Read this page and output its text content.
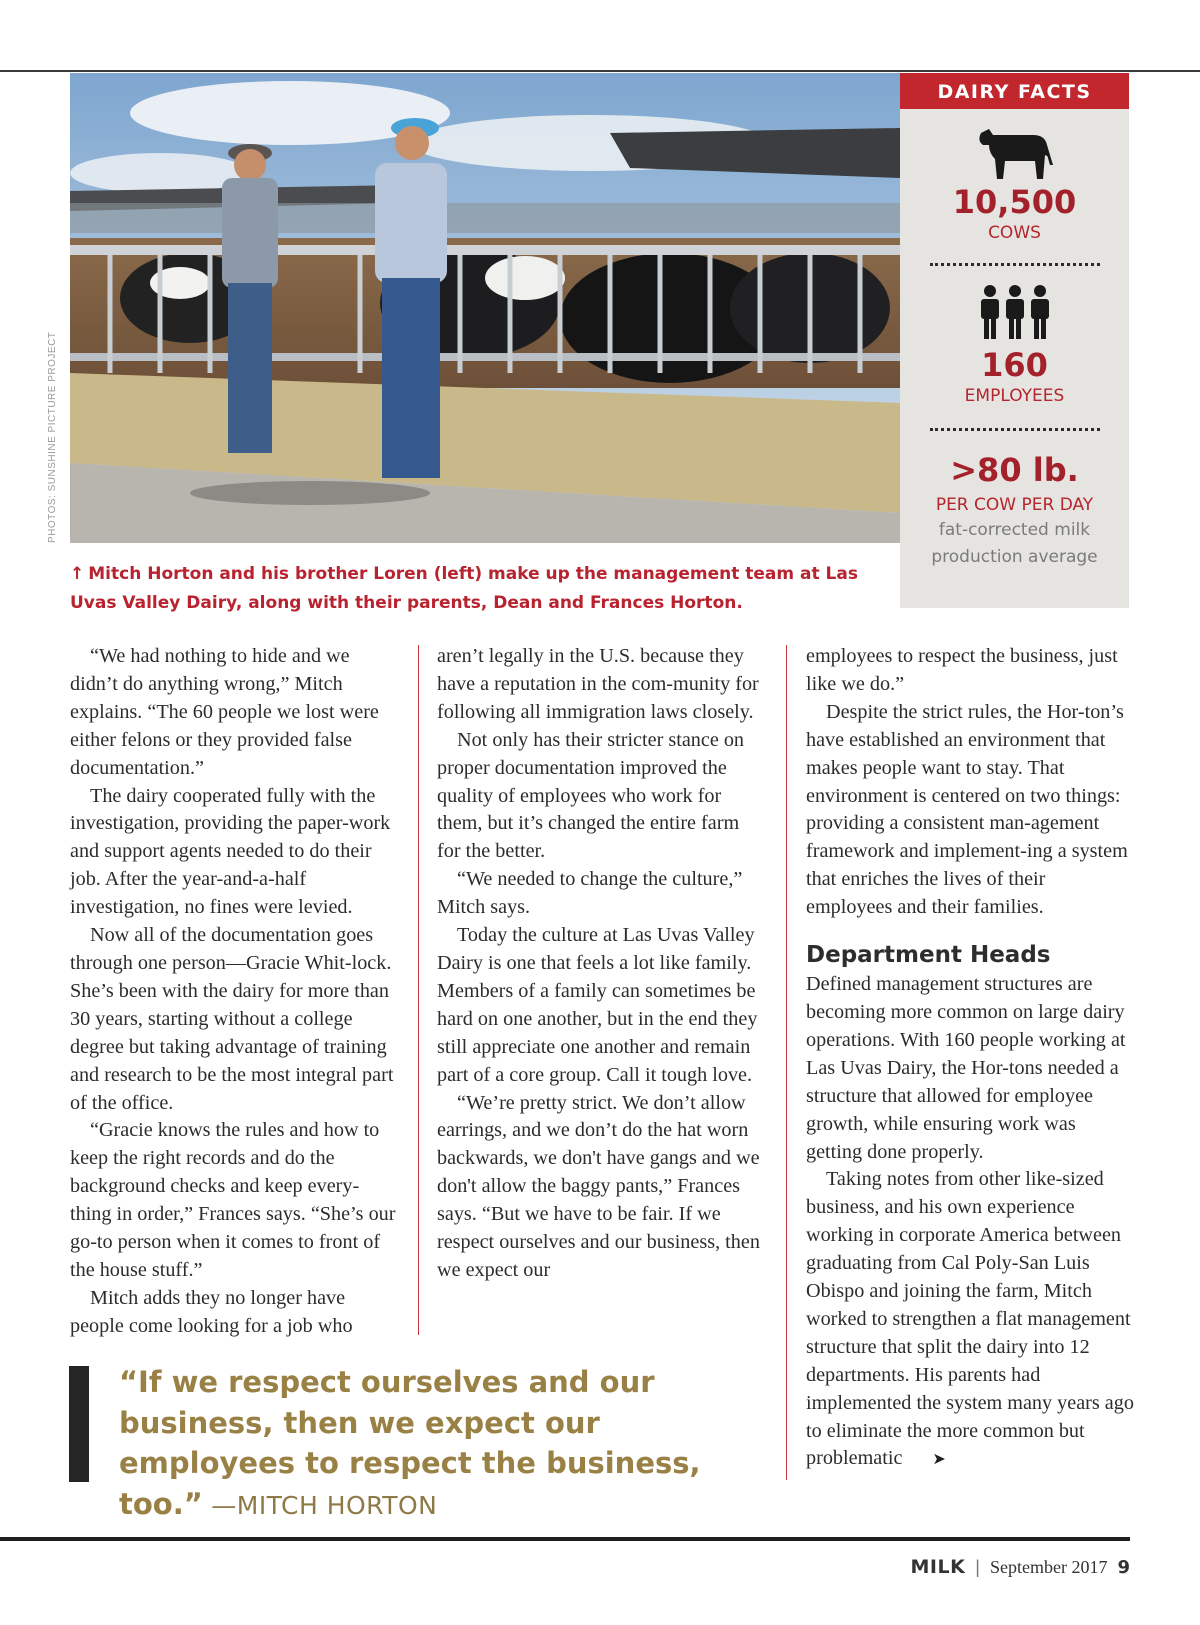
PHOTOS: SUNSHINE PICTURE PROJECT
↑ Mitch Horton and his brother Loren (left) make up the management team at Las Uvas Valley Dairy, along with their parents, Dean and Frances Horton.
DAIRY FACTS
10,500
COWS
160
EMPLOYEES
>80 lb.
PER COW PER DAY
fat-corrected milk
production average

“We had nothing to hide and we didn’t do anything wrong,” Mitch explains. “The 60 people we lost were either felons or they provided false documentation.”

The dairy cooperated fully with the investigation, providing the paper-work and support agents needed to do their job. After the year-and-a-half investigation, no fines were levied.

Now all of the documentation goes through one person—Gracie Whit-lock. She’s been with the dairy for more than 30 years, starting without a college degree but taking advantage of training and research to be the most integral part of the office.

“Gracie knows the rules and how to keep the right records and do the background checks and keep every-thing in order,” Frances says. “She’s our go-to person when it comes to front of the house stuff.”

Mitch adds they no longer have people come looking for a job who

aren’t legally in the U.S. because they have a reputation in the com-munity for following all immigration laws closely.

Not only has their stricter stance on proper documentation improved the quality of employees who work for them, but it’s changed the entire farm for the better.

“We needed to change the culture,” Mitch says.

Today the culture at Las Uvas Valley Dairy is one that feels a lot like family. Members of a family can sometimes be hard on one another, but in the end they still appreciate one another and remain part of a core group. Call it tough love.

“We’re pretty strict. We don’t allow earrings, and we don’t do the hat worn backwards, we don't have gangs and we don't allow the baggy pants,” Frances says. “But we have to be fair. If we respect ourselves and our business, then we expect our

employees to respect the business, just like we do.”

Despite the strict rules, the Hor-ton’s have established an environment that makes people want to stay. That environment is centered on two things: providing a consistent man-agement framework and implement-ing a system that enriches the lives of their employees and their families.

Department Heads

Defined management structures are becoming more common on large dairy operations. With 160 people working at Las Uvas Dairy, the Hor-tons needed a structure that allowed for employee growth, while ensuring work was getting done properly.

Taking notes from other like-sized business, and his own experience working in corporate America between graduating from Cal Poly-San Luis Obispo and joining the farm, Mitch worked to strengthen a flat management structure that split the dairy into 12 departments. His parents had implemented the system many years ago to eliminate the more common but problematic ➤

“If we respect ourselves and our business, then we expect our employees to respect the business, too.” —MITCH HORTON
MILK | September 2017 9
